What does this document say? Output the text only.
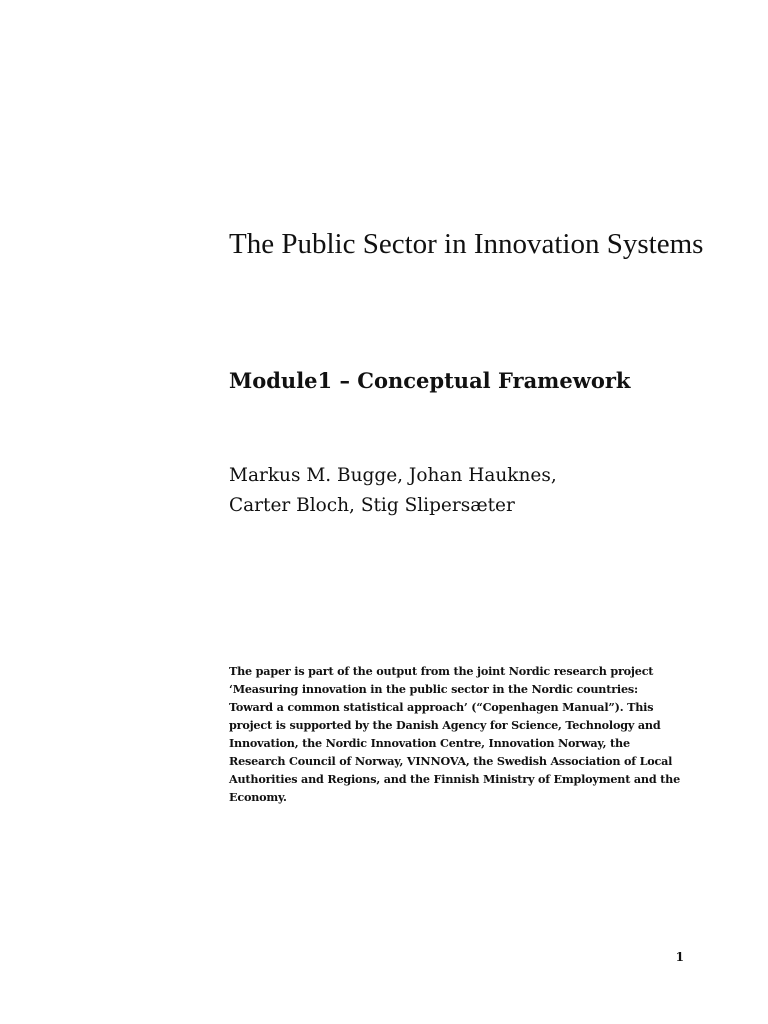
The Public Sector in Innovation Systems
Module1 – Conceptual Framework
Markus M. Bugge, Johan Hauknes,
Carter Bloch, Stig Slipersæter
The paper is part of the output from the joint Nordic research project
‘Measuring innovation in the public sector in the Nordic countries:
Toward a common statistical approach’ (“Copenhagen Manual”). This
project is supported by the Danish Agency for Science, Technology and
Innovation, the Nordic Innovation Centre, Innovation Norway, the
Research Council of Norway, VINNOVA, the Swedish Association of Local
Authorities and Regions, and the Finnish Ministry of Employment and the
Economy.
1
